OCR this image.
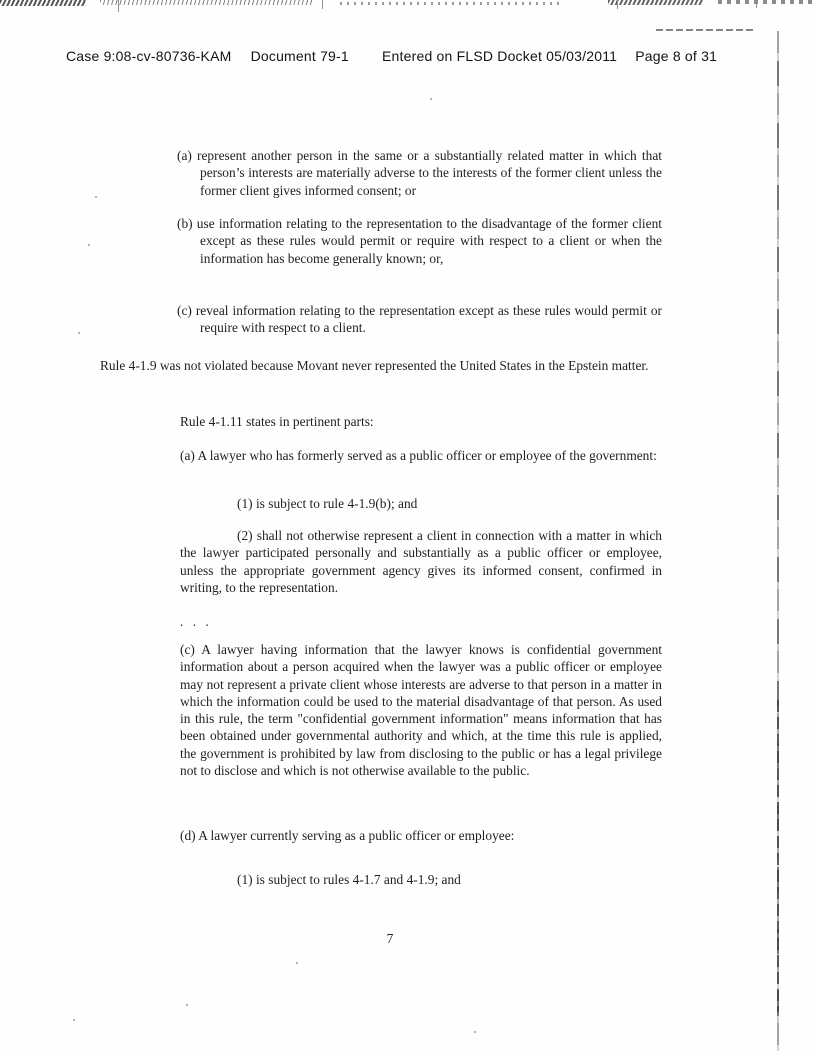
Case 9:08-cv-80736-KAM Document 79-1 Entered on FLSD Docket 05/03/2011 Page 8 of 31

(a) represent another person in the same or a substantially related matter in which that person’s interests are materially adverse to the interests of the former client unless the former client gives informed consent; or

(b) use information relating to the representation to the disadvantage of the former client except as these rules would permit or require with respect to a client or when the information has become generally known; or,

(c) reveal information relating to the representation except as these rules would permit or require with respect to a client.

Rule 4-1.9 was not violated because Movant never represented the United States in the Epstein matter.

Rule 4-1.11 states in pertinent parts:

(a) A lawyer who has formerly served as a public officer or employee of the government:

(1) is subject to rule 4-1.9(b); and

(2) shall not otherwise represent a client in connection with a matter in which the lawyer participated personally and substantially as a public officer or employee, unless the appropriate government agency gives its informed consent, confirmed in writing, to the representation.

. . .

(c) A lawyer having information that the lawyer knows is confidential government information about a person acquired when the lawyer was a public officer or employee may not represent a private client whose interests are adverse to that person in a matter in which the information could be used to the material disadvantage of that person. As used in this rule, the term "confidential government information" means information that has been obtained under governmental authority and which, at the time this rule is applied, the government is prohibited by law from disclosing to the public or has a legal privilege not to disclose and which is not otherwise available to the public.

(d) A lawyer currently serving as a public officer or employee:

(1) is subject to rules 4-1.7 and 4-1.9; and

7
